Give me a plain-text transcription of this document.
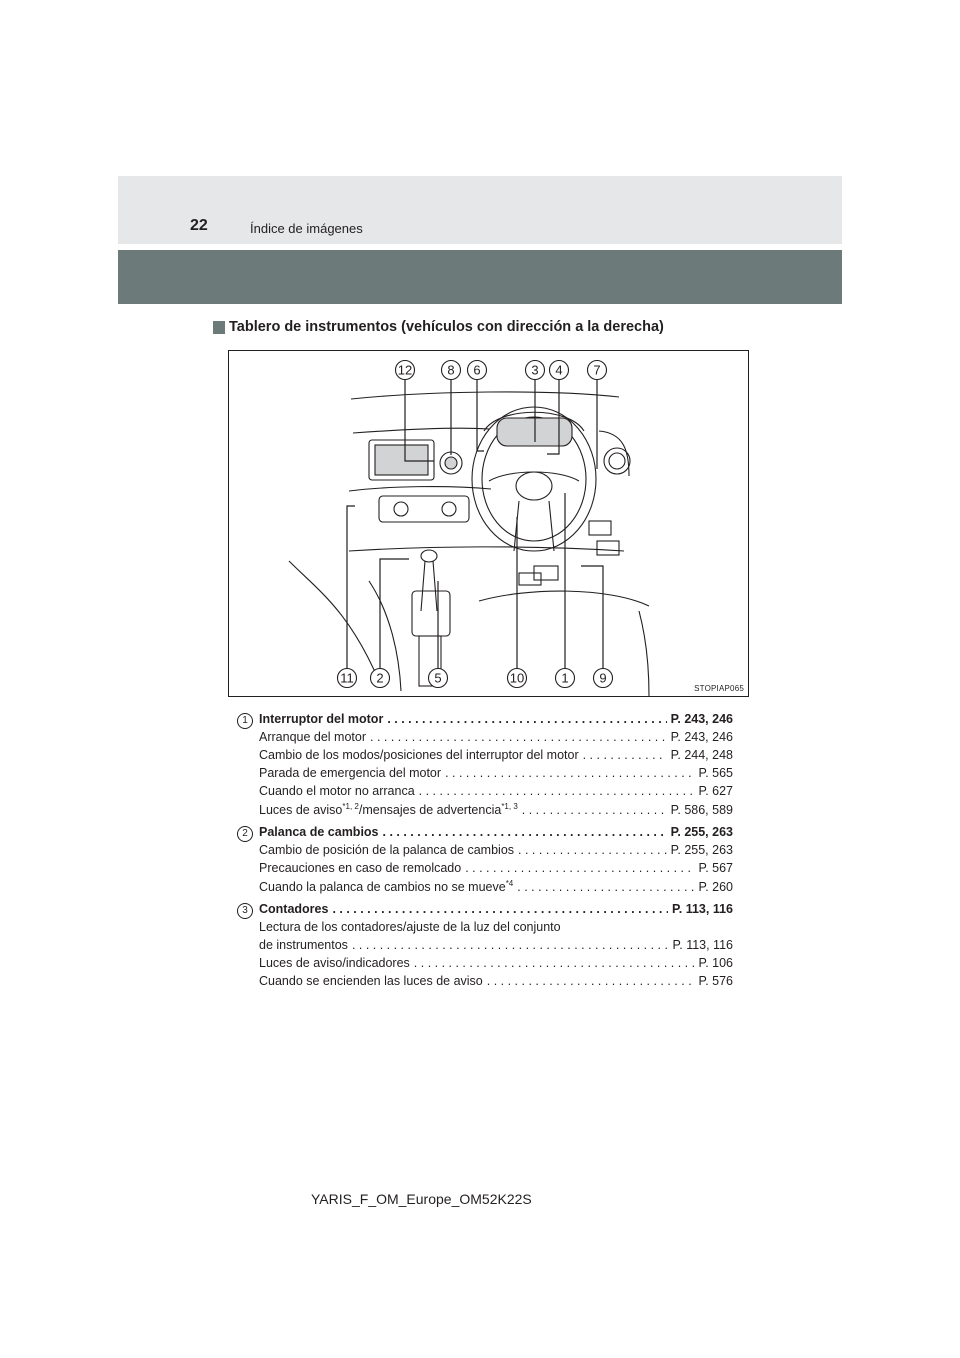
22	Índice de imágenes
Tablero de instrumentos (vehículos con dirección a la derecha)
12	8 6	3 4 7
11 2	5	10	1 9
STOPIAP065
1 Interruptor del motor . . .	P. 243, 246
Arranque del motor . . .	P. 243, 246
Cambio de los modos/posiciones del interruptor del motor . . .	P. 244, 248
Parada de emergencia del motor . . .	P. 565
Cuando el motor no arranca . . .	P. 627
Luces de aviso$^{*1, 2}$/mensajes de advertencia$^{*1, 3}$ . . .	P. 586, 589
2 Palanca de cambios . . .	P. 255, 263
Cambio de posición de la palanca de cambios . . .	P. 255, 263
Precauciones en caso de remolcado . . .	P. 567
Cuando la palanca de cambios no se mueve$^{*4}$ . . .	P. 260
3 Contadores . . .	P. 113, 116
Lectura de los contadores/ajuste de la luz del conjunto
de instrumentos . . .	P. 113, 116
Luces de aviso/indicadores . . .	P. 106
Cuando se encienden las luces de aviso . . .	P. 576
YARIS_F_OM_Europe_OM52K22S
